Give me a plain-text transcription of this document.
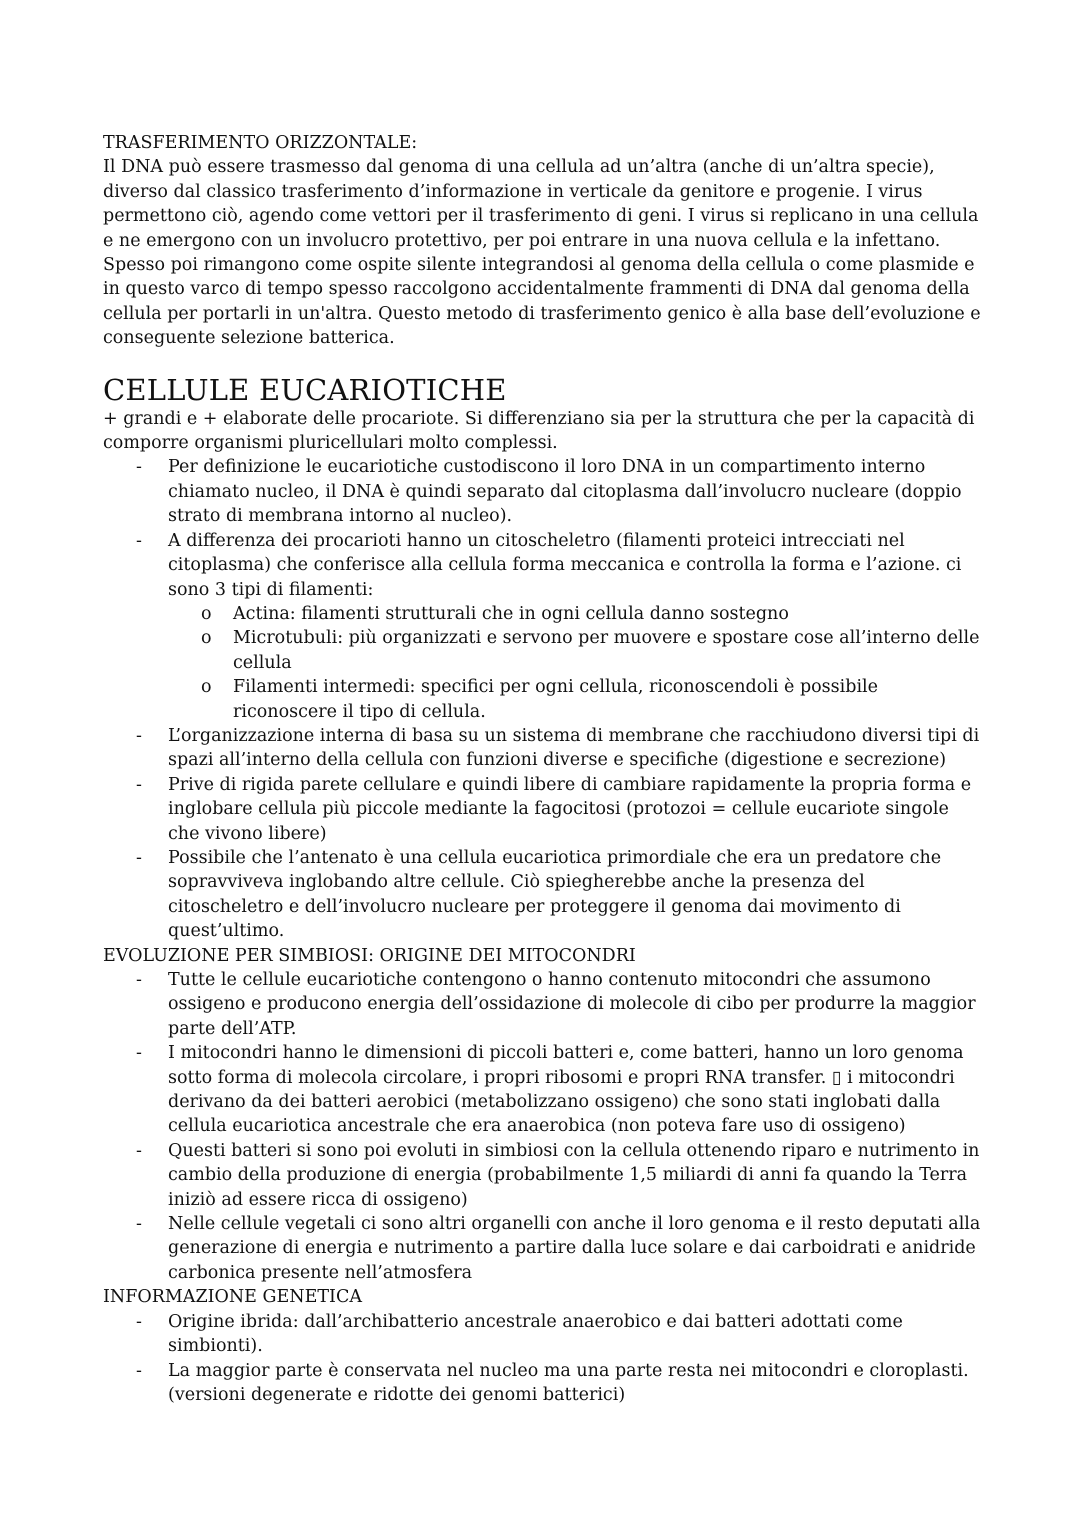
TRASFERIMENTO ORIZZONTALE:

Il DNA può essere trasmesso dal genoma di una cellula ad un’altra (anche di un’altra specie), diverso dal classico trasferimento d’informazione in verticale da genitore e progenie. I virus permettono ciò, agendo come vettori per il trasferimento di geni. I virus si replicano in una cellula e ne emergono con un involucro protettivo, per poi entrare in una nuova cellula e la infettano. Spesso poi rimangono come ospite silente integrandosi al genoma della cellula o come plasmide e in questo varco di tempo spesso raccolgono accidentalmente frammenti di DNA dal genoma della cellula per portarli in un'altra. Questo metodo di trasferimento genico è alla base dell’evoluzione e conseguente selezione batterica.

CELLULE EUCARIOTICHE

+ grandi e + elaborate delle procariote. Si differenziano sia per la struttura che per la capacità di comporre organismi pluricellulari molto complessi.

- Per definizione le eucariotiche custodiscono il loro DNA in un compartimento interno chiamato nucleo, il DNA è quindi separato dal citoplasma dall’involucro nucleare (doppio strato di membrana intorno al nucleo).
- A differenza dei procarioti hanno un citoscheletro (filamenti proteici intrecciati nel citoplasma) che conferisce alla cellula forma meccanica e controlla la forma e l’azione. ci sono 3 tipi di filamenti:
o Actina: filamenti strutturali che in ogni cellula danno sostegno
o Microtubuli: più organizzati e servono per muovere e spostare cose all’interno delle cellula
o Filamenti intermedi: specifici per ogni cellula, riconoscendoli è possibile riconoscere il tipo di cellula.
- L’organizzazione interna di basa su un sistema di membrane che racchiudono diversi tipi di spazi all’interno della cellula con funzioni diverse e specifiche (digestione e secrezione)
- Prive di rigida parete cellulare e quindi libere di cambiare rapidamente la propria forma e inglobare cellula più piccole mediante la fagocitosi (protozoi = cellule eucariote singole che vivono libere)
- Possibile che l’antenato è una cellula eucariotica primordiale che era un predatore che sopravviveva inglobando altre cellule. Ciò spiegherebbe anche la presenza del citoscheletro e dell’involucro nucleare per proteggere il genoma dai movimento di quest’ultimo.

EVOLUZIONE PER SIMBIOSI: ORIGINE DEI MITOCONDRI

- Tutte le cellule eucariotiche contengono o hanno contenuto mitocondri che assumono ossigeno e producono energia dell’ossidazione di molecole di cibo per produrre la maggior parte dell’ATP.
- I mitocondri hanno le dimensioni di piccoli batteri e, come batteri, hanno un loro genoma sotto forma di molecola circolare, i propri ribosomi e propri RNA transfer. ▯ i mitocondri derivano da dei batteri aerobici (metabolizzano ossigeno) che sono stati inglobati dalla cellula eucariotica ancestrale che era anaerobica (non poteva fare uso di ossigeno)
- Questi batteri si sono poi evoluti in simbiosi con la cellula ottenendo riparo e nutrimento in cambio della produzione di energia (probabilmente 1,5 miliardi di anni fa quando la Terra iniziò ad essere ricca di ossigeno)
- Nelle cellule vegetali ci sono altri organelli con anche il loro genoma e il resto deputati alla generazione di energia e nutrimento a partire dalla luce solare e dai carboidrati e anidride carbonica presente nell’atmosfera

INFORMAZIONE GENETICA

- Origine ibrida: dall’archibatterio ancestrale anaerobico e dai batteri adottati come simbionti).
- La maggior parte è conservata nel nucleo ma una parte resta nei mitocondri e cloroplasti. (versioni degenerate e ridotte dei genomi batterici)
